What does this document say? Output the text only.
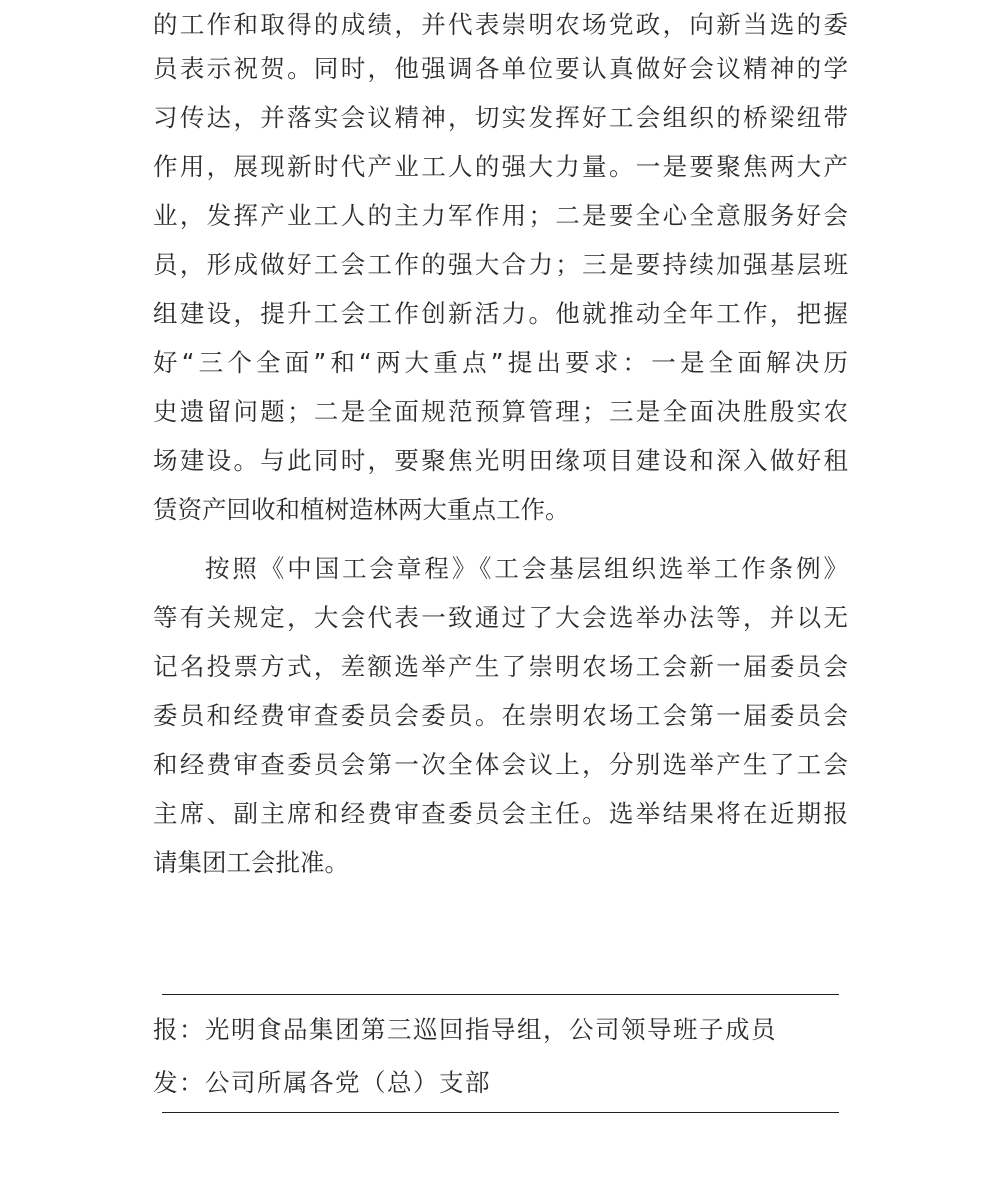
的工作和取得的成绩，并代表崇明农场党政，向新当选的委
员表示祝贺。同时，他强调各单位要认真做好会议精神的学
习传达，并落实会议精神，切实发挥好工会组织的桥梁纽带
作用，展现新时代产业工人的强大力量。一是要聚焦两大产
业，发挥产业工人的主力军作用；二是要全心全意服务好会
员，形成做好工会工作的强大合力；三是要持续加强基层班
组建设，提升工会工作创新活力。他就推动全年工作，把握
好“三个全面”和“两大重点”提出要求：一是全面解决历
史遗留问题；二是全面规范预算管理；三是全面决胜殷实农
场建设。与此同时，要聚焦光明田缘项目建设和深入做好租
赁资产回收和植树造林两大重点工作。
按照《中国工会章程》《工会基层组织选举工作条例》
等有关规定，大会代表一致通过了大会选举办法等，并以无
记名投票方式，差额选举产生了崇明农场工会新一届委员会
委员和经费审查委员会委员。在崇明农场工会第一届委员会
和经费审查委员会第一次全体会议上，分别选举产生了工会
主席、副主席和经费审查委员会主任。选举结果将在近期报
请集团工会批准。
报：光明食品集团第三巡回指导组，公司领导班子成员
发：公司所属各党（总）支部
